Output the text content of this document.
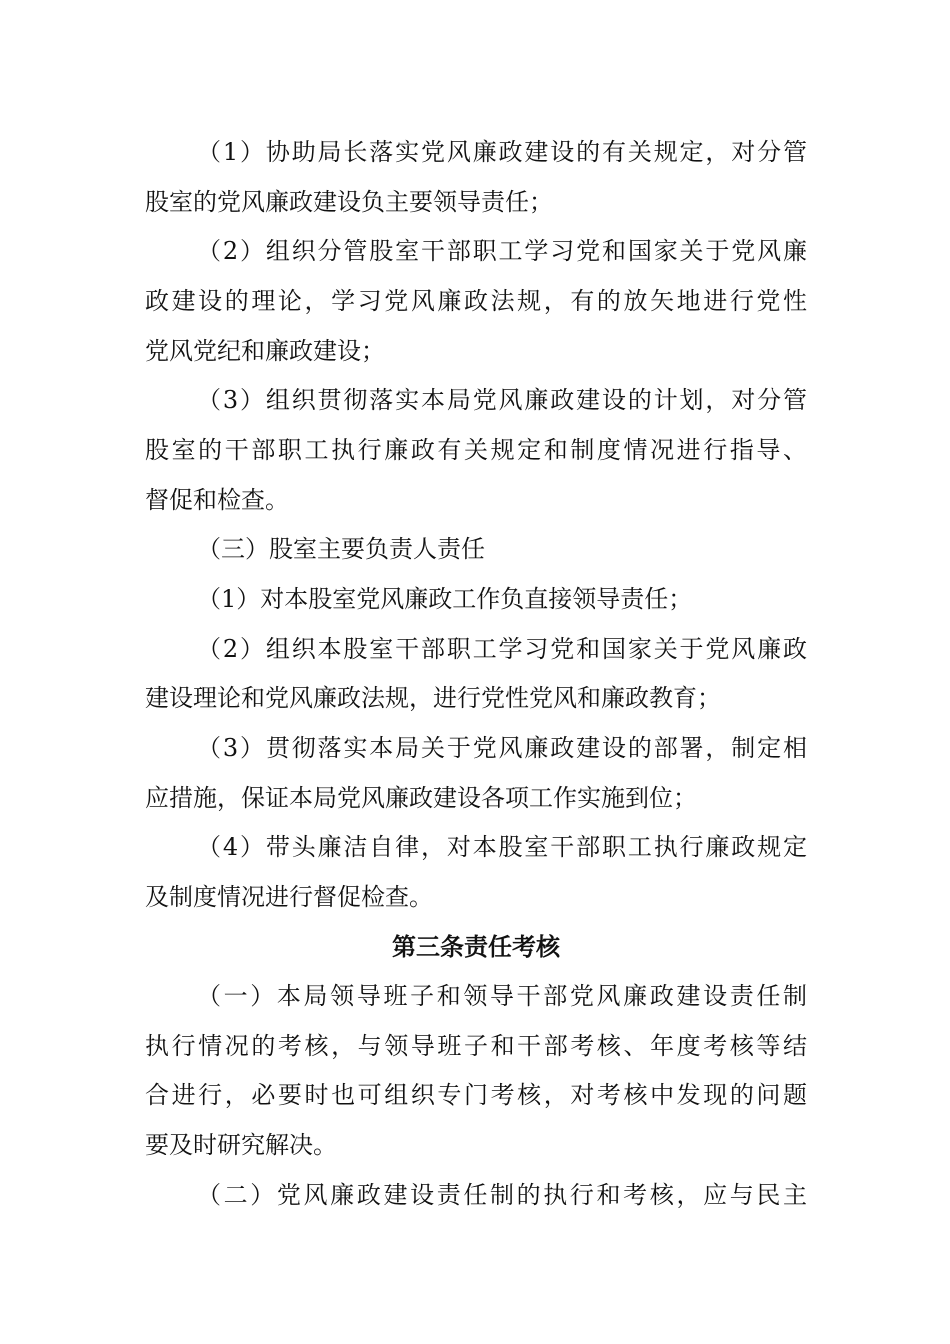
（1）协助局长落实党风廉政建设的有关规定，对分管
股室的党风廉政建设负主要领导责任；
（2）组织分管股室干部职工学习党和国家关于党风廉
政建设的理论，学习党风廉政法规，有的放矢地进行党性
党风党纪和廉政建设；
（3）组织贯彻落实本局党风廉政建设的计划，对分管
股室的干部职工执行廉政有关规定和制度情况进行指导、
督促和检查。
（三）股室主要负责人责任
（1）对本股室党风廉政工作负直接领导责任；
（2）组织本股室干部职工学习党和国家关于党风廉政
建设理论和党风廉政法规，进行党性党风和廉政教育；
（3）贯彻落实本局关于党风廉政建设的部署，制定相
应措施，保证本局党风廉政建设各项工作实施到位；
（4）带头廉洁自律，对本股室干部职工执行廉政规定
及制度情况进行督促检查。
第三条责任考核
（一）本局领导班子和领导干部党风廉政建设责任制
执行情况的考核，与领导班子和干部考核、年度考核等结
合进行，必要时也可组织专门考核，对考核中发现的问题
要及时研究解决。
（二）党风廉政建设责任制的执行和考核，应与民主
